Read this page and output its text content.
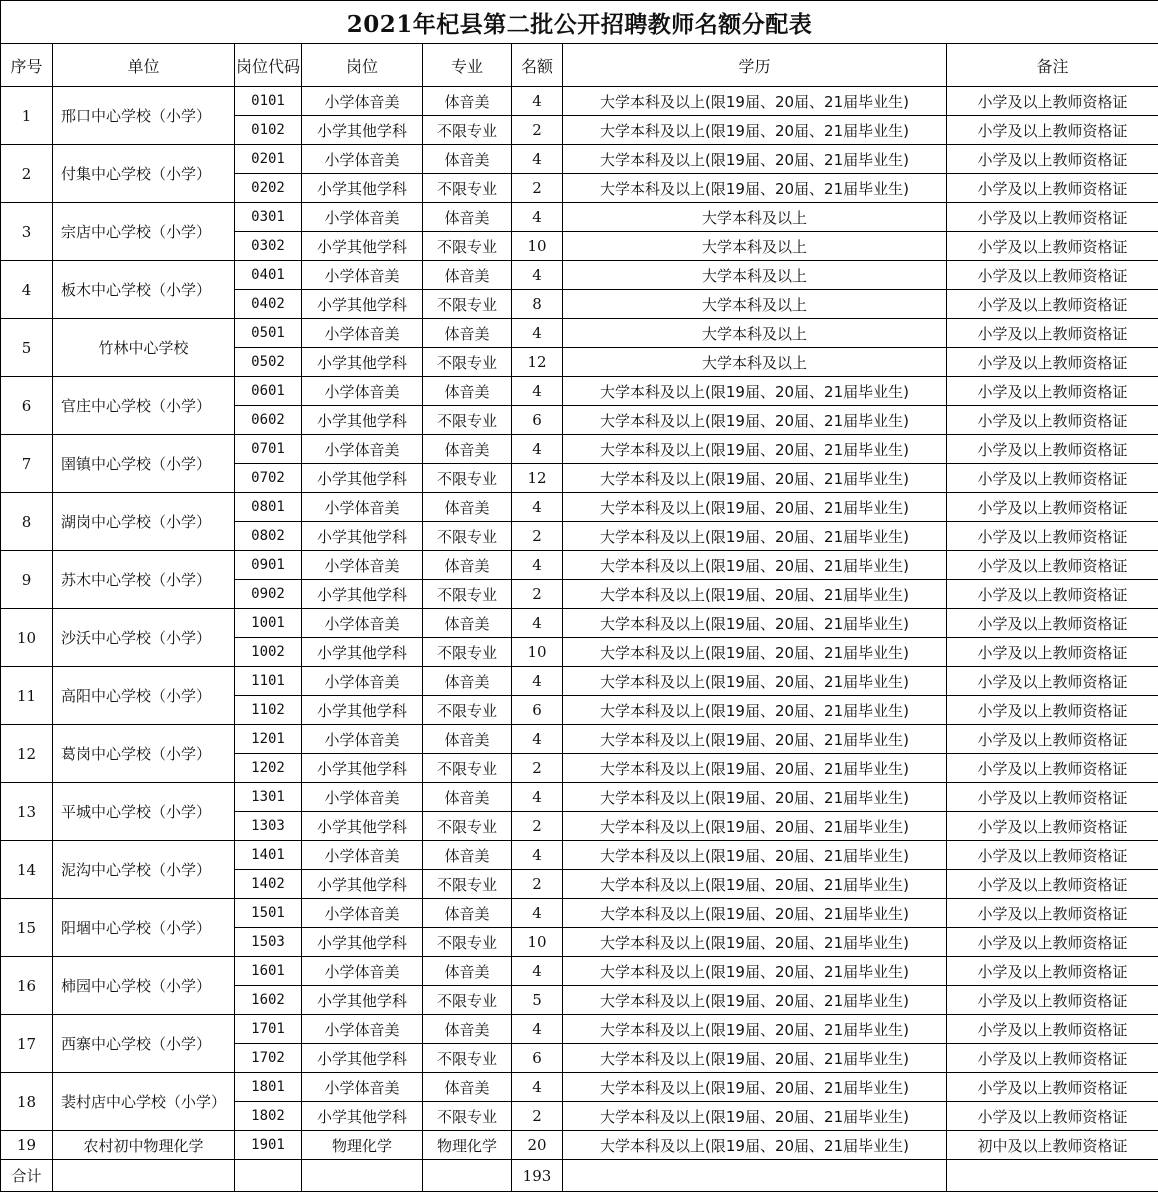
2021年杞县第二批公开招聘教师名额分配表							
序号	单位	岗位代码	岗位	专业	名额	学历	备注
1	邢口中心学校（小学）	0101	小学体音美	体音美	4	大学本科及以上(限19届、20届、21届毕业生)	小学及以上教师资格证
		0102	小学其他学科	不限专业	2	大学本科及以上(限19届、20届、21届毕业生)	小学及以上教师资格证
2	付集中心学校（小学）	0201	小学体音美	体音美	4	大学本科及以上(限19届、20届、21届毕业生)	小学及以上教师资格证
		0202	小学其他学科	不限专业	2	大学本科及以上(限19届、20届、21届毕业生)	小学及以上教师资格证
3	宗店中心学校（小学）	0301	小学体音美	体音美	4	大学本科及以上	小学及以上教师资格证
		0302	小学其他学科	不限专业	10	大学本科及以上	小学及以上教师资格证
4	板木中心学校（小学）	0401	小学体音美	体音美	4	大学本科及以上	小学及以上教师资格证
		0402	小学其他学科	不限专业	8	大学本科及以上	小学及以上教师资格证
5	竹林中心学校	0501	小学体音美	体音美	4	大学本科及以上	小学及以上教师资格证
		0502	小学其他学科	不限专业	12	大学本科及以上	小学及以上教师资格证
6	官庄中心学校（小学）	0601	小学体音美	体音美	4	大学本科及以上(限19届、20届、21届毕业生)	小学及以上教师资格证
		0602	小学其他学科	不限专业	6	大学本科及以上(限19届、20届、21届毕业生)	小学及以上教师资格证
7	圉镇中心学校（小学）	0701	小学体音美	体音美	4	大学本科及以上(限19届、20届、21届毕业生)	小学及以上教师资格证
		0702	小学其他学科	不限专业	12	大学本科及以上(限19届、20届、21届毕业生)	小学及以上教师资格证
8	湖岗中心学校（小学）	0801	小学体音美	体音美	4	大学本科及以上(限19届、20届、21届毕业生)	小学及以上教师资格证
		0802	小学其他学科	不限专业	2	大学本科及以上(限19届、20届、21届毕业生)	小学及以上教师资格证
9	苏木中心学校（小学）	0901	小学体音美	体音美	4	大学本科及以上(限19届、20届、21届毕业生)	小学及以上教师资格证
		0902	小学其他学科	不限专业	2	大学本科及以上(限19届、20届、21届毕业生)	小学及以上教师资格证
10	沙沃中心学校（小学）	1001	小学体音美	体音美	4	大学本科及以上(限19届、20届、21届毕业生)	小学及以上教师资格证
		1002	小学其他学科	不限专业	10	大学本科及以上(限19届、20届、21届毕业生)	小学及以上教师资格证
11	高阳中心学校（小学）	1101	小学体音美	体音美	4	大学本科及以上(限19届、20届、21届毕业生)	小学及以上教师资格证
		1102	小学其他学科	不限专业	6	大学本科及以上(限19届、20届、21届毕业生)	小学及以上教师资格证
12	葛岗中心学校（小学）	1201	小学体音美	体音美	4	大学本科及以上(限19届、20届、21届毕业生)	小学及以上教师资格证
		1202	小学其他学科	不限专业	2	大学本科及以上(限19届、20届、21届毕业生)	小学及以上教师资格证
13	平城中心学校（小学）	1301	小学体音美	体音美	4	大学本科及以上(限19届、20届、21届毕业生)	小学及以上教师资格证
		1303	小学其他学科	不限专业	2	大学本科及以上(限19届、20届、21届毕业生)	小学及以上教师资格证
14	泥沟中心学校（小学）	1401	小学体音美	体音美	4	大学本科及以上(限19届、20届、21届毕业生)	小学及以上教师资格证
		1402	小学其他学科	不限专业	2	大学本科及以上(限19届、20届、21届毕业生)	小学及以上教师资格证
15	阳堌中心学校（小学）	1501	小学体音美	体音美	4	大学本科及以上(限19届、20届、21届毕业生)	小学及以上教师资格证
		1503	小学其他学科	不限专业	10	大学本科及以上(限19届、20届、21届毕业生)	小学及以上教师资格证
16	柿园中心学校（小学）	1601	小学体音美	体音美	4	大学本科及以上(限19届、20届、21届毕业生)	小学及以上教师资格证
		1602	小学其他学科	不限专业	5	大学本科及以上(限19届、20届、21届毕业生)	小学及以上教师资格证
17	西寨中心学校（小学）	1701	小学体音美	体音美	4	大学本科及以上(限19届、20届、21届毕业生)	小学及以上教师资格证
		1702	小学其他学科	不限专业	6	大学本科及以上(限19届、20届、21届毕业生)	小学及以上教师资格证
18	裴村店中心学校（小学）	1801	小学体音美	体音美	4	大学本科及以上(限19届、20届、21届毕业生)	小学及以上教师资格证
		1802	小学其他学科	不限专业	2	大学本科及以上(限19届、20届、21届毕业生)	小学及以上教师资格证
19	农村初中物理化学	1901	物理化学	物理化学	20	大学本科及以上(限19届、20届、21届毕业生)	初中及以上教师资格证
合计					193		
